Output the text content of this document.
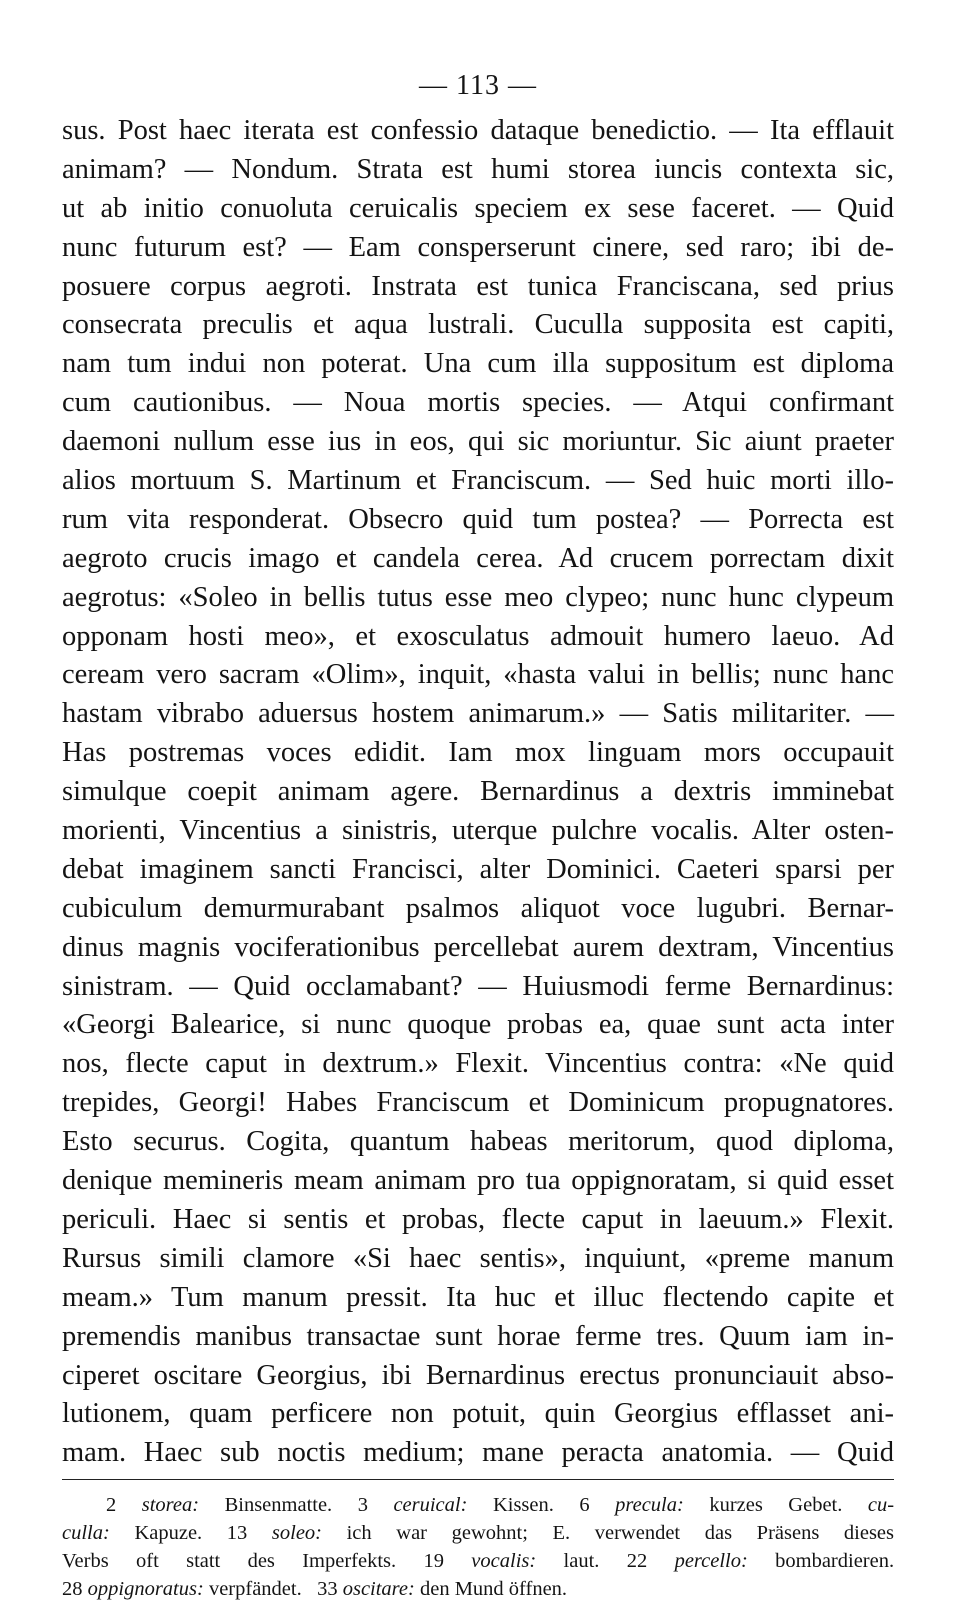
— 113 —
sus. Post haec iterata est confessio dataque benedictio. — Ita efflauit
animam? — Nondum. Strata est humi storea iuncis contexta sic,
ut ab initio conuoluta ceruicalis speciem ex sese faceret. — Quid
nunc futurum est? — Eam consperserunt cinere, sed raro; ibi de-
posuere corpus aegroti. Instrata est tunica Franciscana, sed prius
consecrata preculis et aqua lustrali. Cuculla supposita est capiti,
nam tum indui non poterat. Una cum illa suppositum est diploma
cum cautionibus. — Noua mortis species. — Atqui confirmant
daemoni nullum esse ius in eos, qui sic moriuntur. Sic aiunt praeter
alios mortuum S. Martinum et Franciscum. — Sed huic morti illo-
rum vita responderat. Obsecro quid tum postea? — Porrecta est
aegroto crucis imago et candela cerea. Ad crucem porrectam dixit
aegrotus: «Soleo in bellis tutus esse meo clypeo; nunc hunc clypeum
opponam hosti meo», et exosculatus admouit humero laeuo. Ad
ceream vero sacram «Olim», inquit, «hasta valui in bellis; nunc hanc
hastam vibrabo aduersus hostem animarum.» — Satis militariter. —
Has postremas voces edidit. Iam mox linguam mors occupauit
simulque coepit animam agere. Bernardinus a dextris imminebat
morienti, Vincentius a sinistris, uterque pulchre vocalis. Alter osten-
debat imaginem sancti Francisci, alter Dominici. Caeteri sparsi per
cubiculum demurmurabant psalmos aliquot voce lugubri. Bernar-
dinus magnis vociferationibus percellebat aurem dextram, Vincentius
sinistram. — Quid occlamabant? — Huiusmodi ferme Bernardinus:
«Georgi Balearice, si nunc quoque probas ea, quae sunt acta inter
nos, flecte caput in dextrum.» Flexit. Vincentius contra: «Ne quid
trepides, Georgi! Habes Franciscum et Dominicum propugnatores.
Esto securus. Cogita, quantum habeas meritorum, quod diploma,
denique memineris meam animam pro tua oppignoratam, si quid esset
periculi. Haec si sentis et probas, flecte caput in laeuum.» Flexit.
Rursus simili clamore «Si haec sentis», inquiunt, «preme manum
meam.» Tum manum pressit. Ita huc et illuc flectendo capite et
premendis manibus transactae sunt horae ferme tres. Quum iam in-
ciperet oscitare Georgius, ibi Bernardinus erectus pronunciauit abso-
lutionem, quam perficere non potuit, quin Georgius efflasset ani-
mam. Haec sub noctis medium; mane peracta anatomia. — Quid
2 storea: Binsenmatte. 3 ceruical: Kissen. 6 precula: kurzes Gebet. cu-
culla: Kapuze. 13 soleo: ich war gewohnt; E. verwendet das Präsens dieses
Verbs oft statt des Imperfekts. 19 vocalis: laut. 22 percello: bombardieren.
28 oppignoratus: verpfändet. 33 oscitare: den Mund öffnen.
